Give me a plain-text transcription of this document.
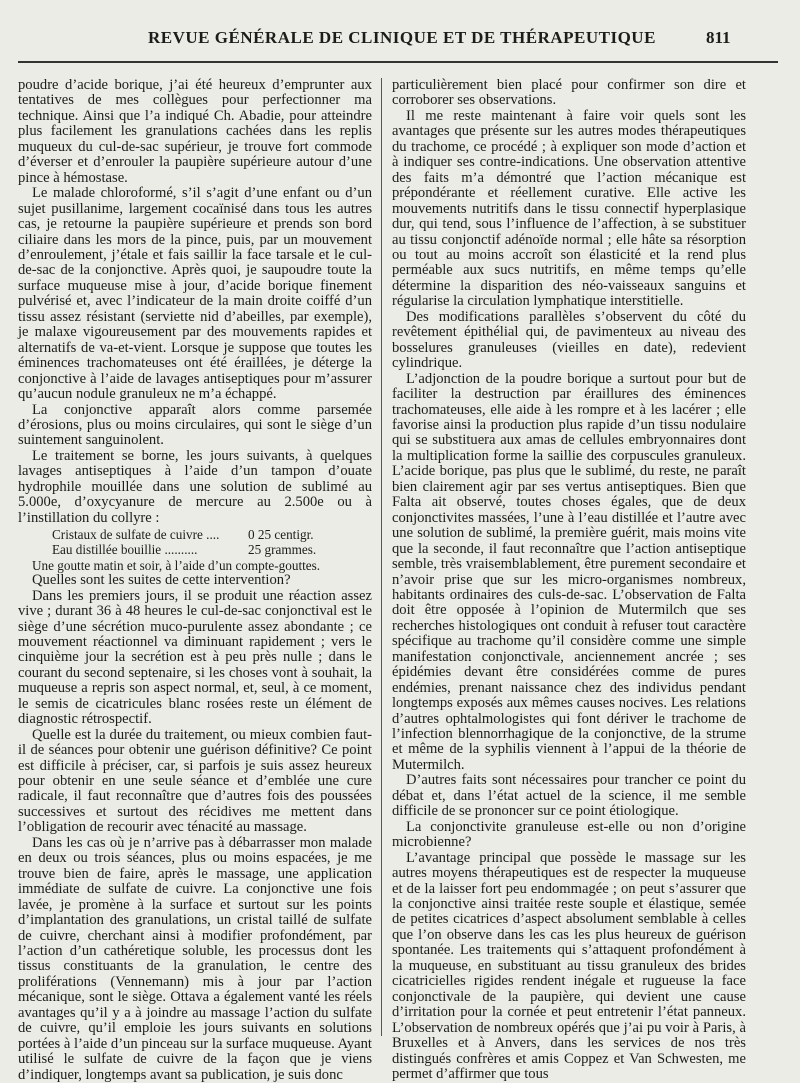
REVUE GÉNÉRALE DE CLINIQUE ET DE THÉRAPEUTIQUE	811

poudre d’acide borique, j’ai été heureux d’emprunter aux tentatives de mes collègues pour perfectionner ma technique. Ainsi que l’a indiqué Ch. Abadie, pour atteindre plus facilement les granulations cachées dans les replis muqueux du cul-de-sac supérieur, je trouve fort commode d’éverser et d’enrouler la paupière supérieure autour d’une pince à hémostase.

Le malade chloroformé, s’il s’agit d’une enfant ou d’un sujet pusillanime, largement cocaïnisé dans tous les autres cas, je retourne la paupière supérieure et prends son bord ciliaire dans les mors de la pince, puis, par un mouvement d’enroulement, j’étale et fais saillir la face tarsale et le cul-de-sac de la conjonctive. Après quoi, je saupoudre toute la surface muqueuse mise à jour, d’acide borique finement pulvérisé et, avec l’indicateur de la main droite coiffé d’un tissu assez résistant (serviette nid d’abeilles, par exemple), je malaxe vigoureusement par des mouvements rapides et alternatifs de va-et-vient. Lorsque je suppose que toutes les éminences trachomateuses ont été éraillées, je déterge la conjonctive à l’aide de lavages antiseptiques pour m’assurer qu’aucun nodule granuleux ne m’a échappé.

La conjonctive apparaît alors comme parsemée d’érosions, plus ou moins circulaires, qui sont le siège d’un suintement sanguinolent.

Le traitement se borne, les jours suivants, à quelques lavages antiseptiques à l’aide d’un tampon d’ouate hydrophile mouillée dans une solution de sublimé au 5.000e, d’oxycyanure de mercure au 2.500e ou à l’instillation du collyre :

Cristaux de sulfate de cuivre ....	0 25 centigr.
Eau distillée bouillie ..........	25 grammes.

Une goutte matin et soir, à l’aide d’un compte-gouttes.

Quelles sont les suites de cette intervention?

Dans les premiers jours, il se produit une réaction assez vive ; durant 36 à 48 heures le cul-de-sac conjonctival est le siège d’une sécrétion muco-purulente assez abondante ; ce mouvement réactionnel va diminuant rapidement ; vers le cinquième jour la secrétion est à peu près nulle ; dans le courant du second septenaire, si les choses vont à souhait, la muqueuse a repris son aspect normal, et, seul, à ce moment, le semis de cicatricules blanc rosées reste un élément de diagnostic rétrospectif.

Quelle est la durée du traitement, ou mieux combien faut-il de séances pour obtenir une guérison définitive? Ce point est difficile à préciser, car, si parfois je suis assez heureux pour obtenir en une seule séance et d’emblée une cure radicale, il faut reconnaître que d’autres fois des poussées successives et surtout des récidives me mettent dans l’obligation de recourir avec ténacité au massage.

Dans les cas où je n’arrive pas à débarrasser mon malade en deux ou trois séances, plus ou moins espacées, je me trouve bien de faire, après le massage, une application immédiate de sulfate de cuivre. La conjonctive une fois lavée, je promène à la surface et surtout sur les points d’implantation des granulations, un cristal taillé de sulfate de cuivre, cherchant ainsi à modifier profondément, par l’action d’un cathéretique soluble, les processus dont les tissus constituants de la granulation, le centre des proliférations (Vennemann) mis à jour par l’action mécanique, sont le siège. Ottava a également vanté les réels avantages qu’il y a à joindre au massage l’action du sulfate de cuivre, qu’il emploie les jours suivants en solutions portées à l’aide d’un pinceau sur la surface muqueuse. Ayant utilisé le sulfate de cuivre de la façon que je viens d’indiquer, longtemps avant sa publication, je suis donc

particulièrement bien placé pour confirmer son dire et corroborer ses observations.

Il me reste maintenant à faire voir quels sont les avantages que présente sur les autres modes thérapeutiques du trachome, ce procédé ; à expliquer son mode d’action et à indiquer ses contre-indications. Une observation attentive des faits m’a démontré que l’action mécanique est prépondérante et réellement curative. Elle active les mouvements nutritifs dans le tissu connectif hyperplasique dur, qui tend, sous l’influence de l’affection, à se substituer au tissu conjonctif adénoïde normal ; elle hâte sa résorption ou tout au moins accroît son élasticité et la rend plus perméable aux sucs nutritifs, en même temps qu’elle détermine la disparition des néo-vaisseaux sanguins et régularise la circulation lymphatique interstitielle.

Des modifications parallèles s’observent du côté du revêtement épithélial qui, de pavimenteux au niveau des bosselures granuleuses (vieilles en date), redevient cylindrique.

L’adjonction de la poudre borique a surtout pour but de faciliter la destruction par éraillures des éminences trachomateuses, elle aide à les rompre et à les lacérer ; elle favorise ainsi la production plus rapide d’un tissu nodulaire qui se substituera aux amas de cellules embryonnaires dont la multiplication forme la saillie des corpuscules granuleux. L’acide borique, pas plus que le sublimé, du reste, ne paraît bien clairement agir par ses vertus antiseptiques. Bien que Falta ait observé, toutes choses égales, que de deux conjonctivites massées, l’une à l’eau distillée et l’autre avec une solution de sublimé, la première guérit, mais moins vite que la seconde, il faut reconnaître que l’action antiseptique semble, très vraisemblablement, être purement secondaire et n’avoir prise que sur les micro-organismes nombreux, habitants ordinaires des culs-de-sac. L’observation de Falta doit être opposée à l’opinion de Mutermilch que ses recherches histologiques ont conduit à refuser tout caractère spécifique au trachome qu’il considère comme une simple manifestation conjonctivale, anciennement ancrée ; ses épidémies devant être considérées comme de pures endémies, prenant naissance chez des individus pendant longtemps exposés aux mêmes causes nocives. Les relations d’autres ophtalmologistes qui font dériver le trachome de l’infection blennorrhagique de la conjonctive, de la strume et même de la syphilis viennent à l’appui de la théorie de Mutermilch.

D’autres faits sont nécessaires pour trancher ce point du débat et, dans l’état actuel de la science, il me semble difficile de se prononcer sur ce point étiologique.

La conjonctivite granuleuse est-elle ou non d’origine microbienne?

L’avantage principal que possède le massage sur les autres moyens thérapeutiques est de respecter la muqueuse et de la laisser fort peu endommagée ; on peut s’assurer que la conjonctive ainsi traitée reste souple et élastique, semée de petites cicatrices d’aspect absolument semblable à celles que l’on observe dans les cas les plus heureux de guérison spontanée. Les traitements qui s’attaquent profondément à la muqueuse, en substituant au tissu granuleux des brides cicatricielles rigides rendent inégale et rugueuse la face conjonctivale de la paupière, qui devient une cause d’irritation pour la cornée et peut entretenir l’état panneux. L’observation de nombreux opérés que j’ai pu voir à Paris, à Bruxelles et à Anvers, dans les services de nos très distingués confrères et amis Coppez et Van Schwesten, me permet d’affirmer que tous
